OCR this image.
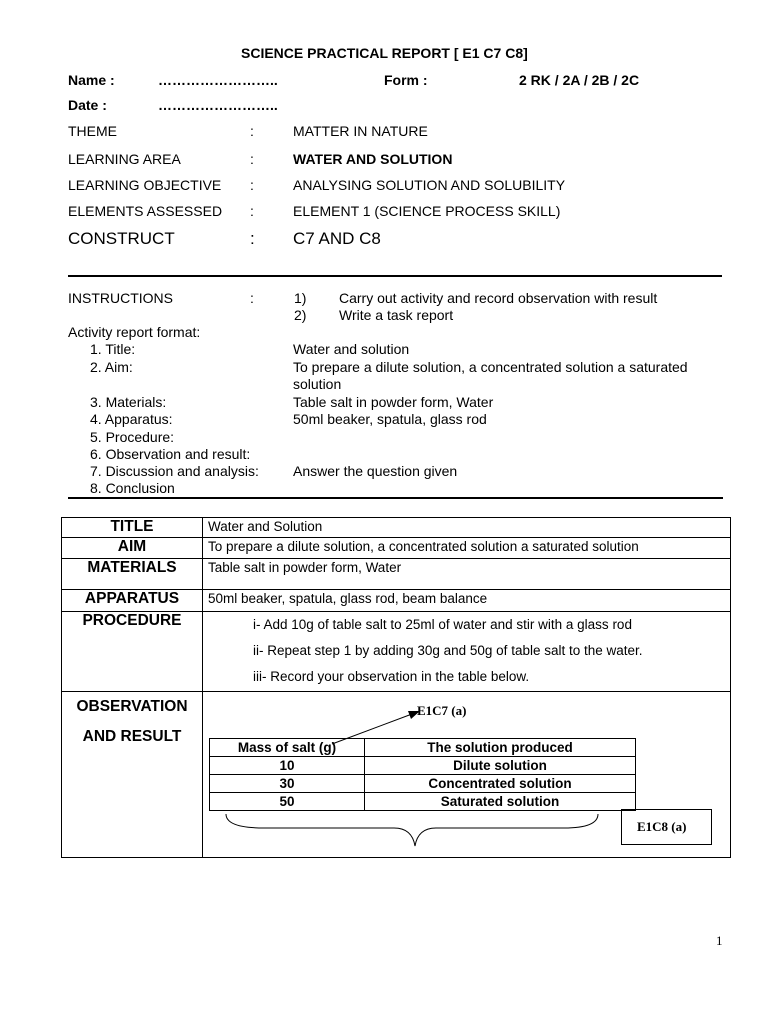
SCIENCE PRACTICAL REPORT [ E1 C7 C8]
Name :	……………………..	Form :	2 RK / 2A / 2B / 2C
Date :	……………………..
THEME	:	MATTER IN NATURE
LEARNING AREA	:	WATER AND SOLUTION
LEARNING OBJECTIVE :	ANALYSING SOLUTION AND SOLUBILITY
ELEMENTS ASSESSED :	ELEMENT 1 (SCIENCE PROCESS SKILL)
CONSTRUCT	: C7 AND C8
INSTRUCTIONS	:	1) Carry out activity and record observation with result
2) Write a task report
Activity report format:
1. Title:	Water and solution
2. Aim:	To prepare a dilute solution, a concentrated solution a saturated
solution
3. Materials:	Table salt in powder form, Water
4. Apparatus:	50ml beaker, spatula, glass rod
5. Procedure:
6. Observation and result:
7. Discussion and analysis: Answer the question given
8. Conclusion
TITLE	Water and Solution
AIM	To prepare a dilute solution, a concentrated solution a saturated solution
MATERIALS	Table salt in powder form, Water
APPARATUS	50ml beaker, spatula, glass rod, beam balance
PROCEDURE	i- Add 10g of table salt to 25ml of water and stir with a glass rod
ii- Repeat step 1 by adding 30g and 50g of table salt to the water.
iii- Record your observation in the table below.

OBSERVATION
AND RESULT	

Mass of salt (g)	The solution produced
10	Dilute solution
30	Concentrated solution
50	Saturated solution
E1C7 (a)
E1C8 (a)
1
